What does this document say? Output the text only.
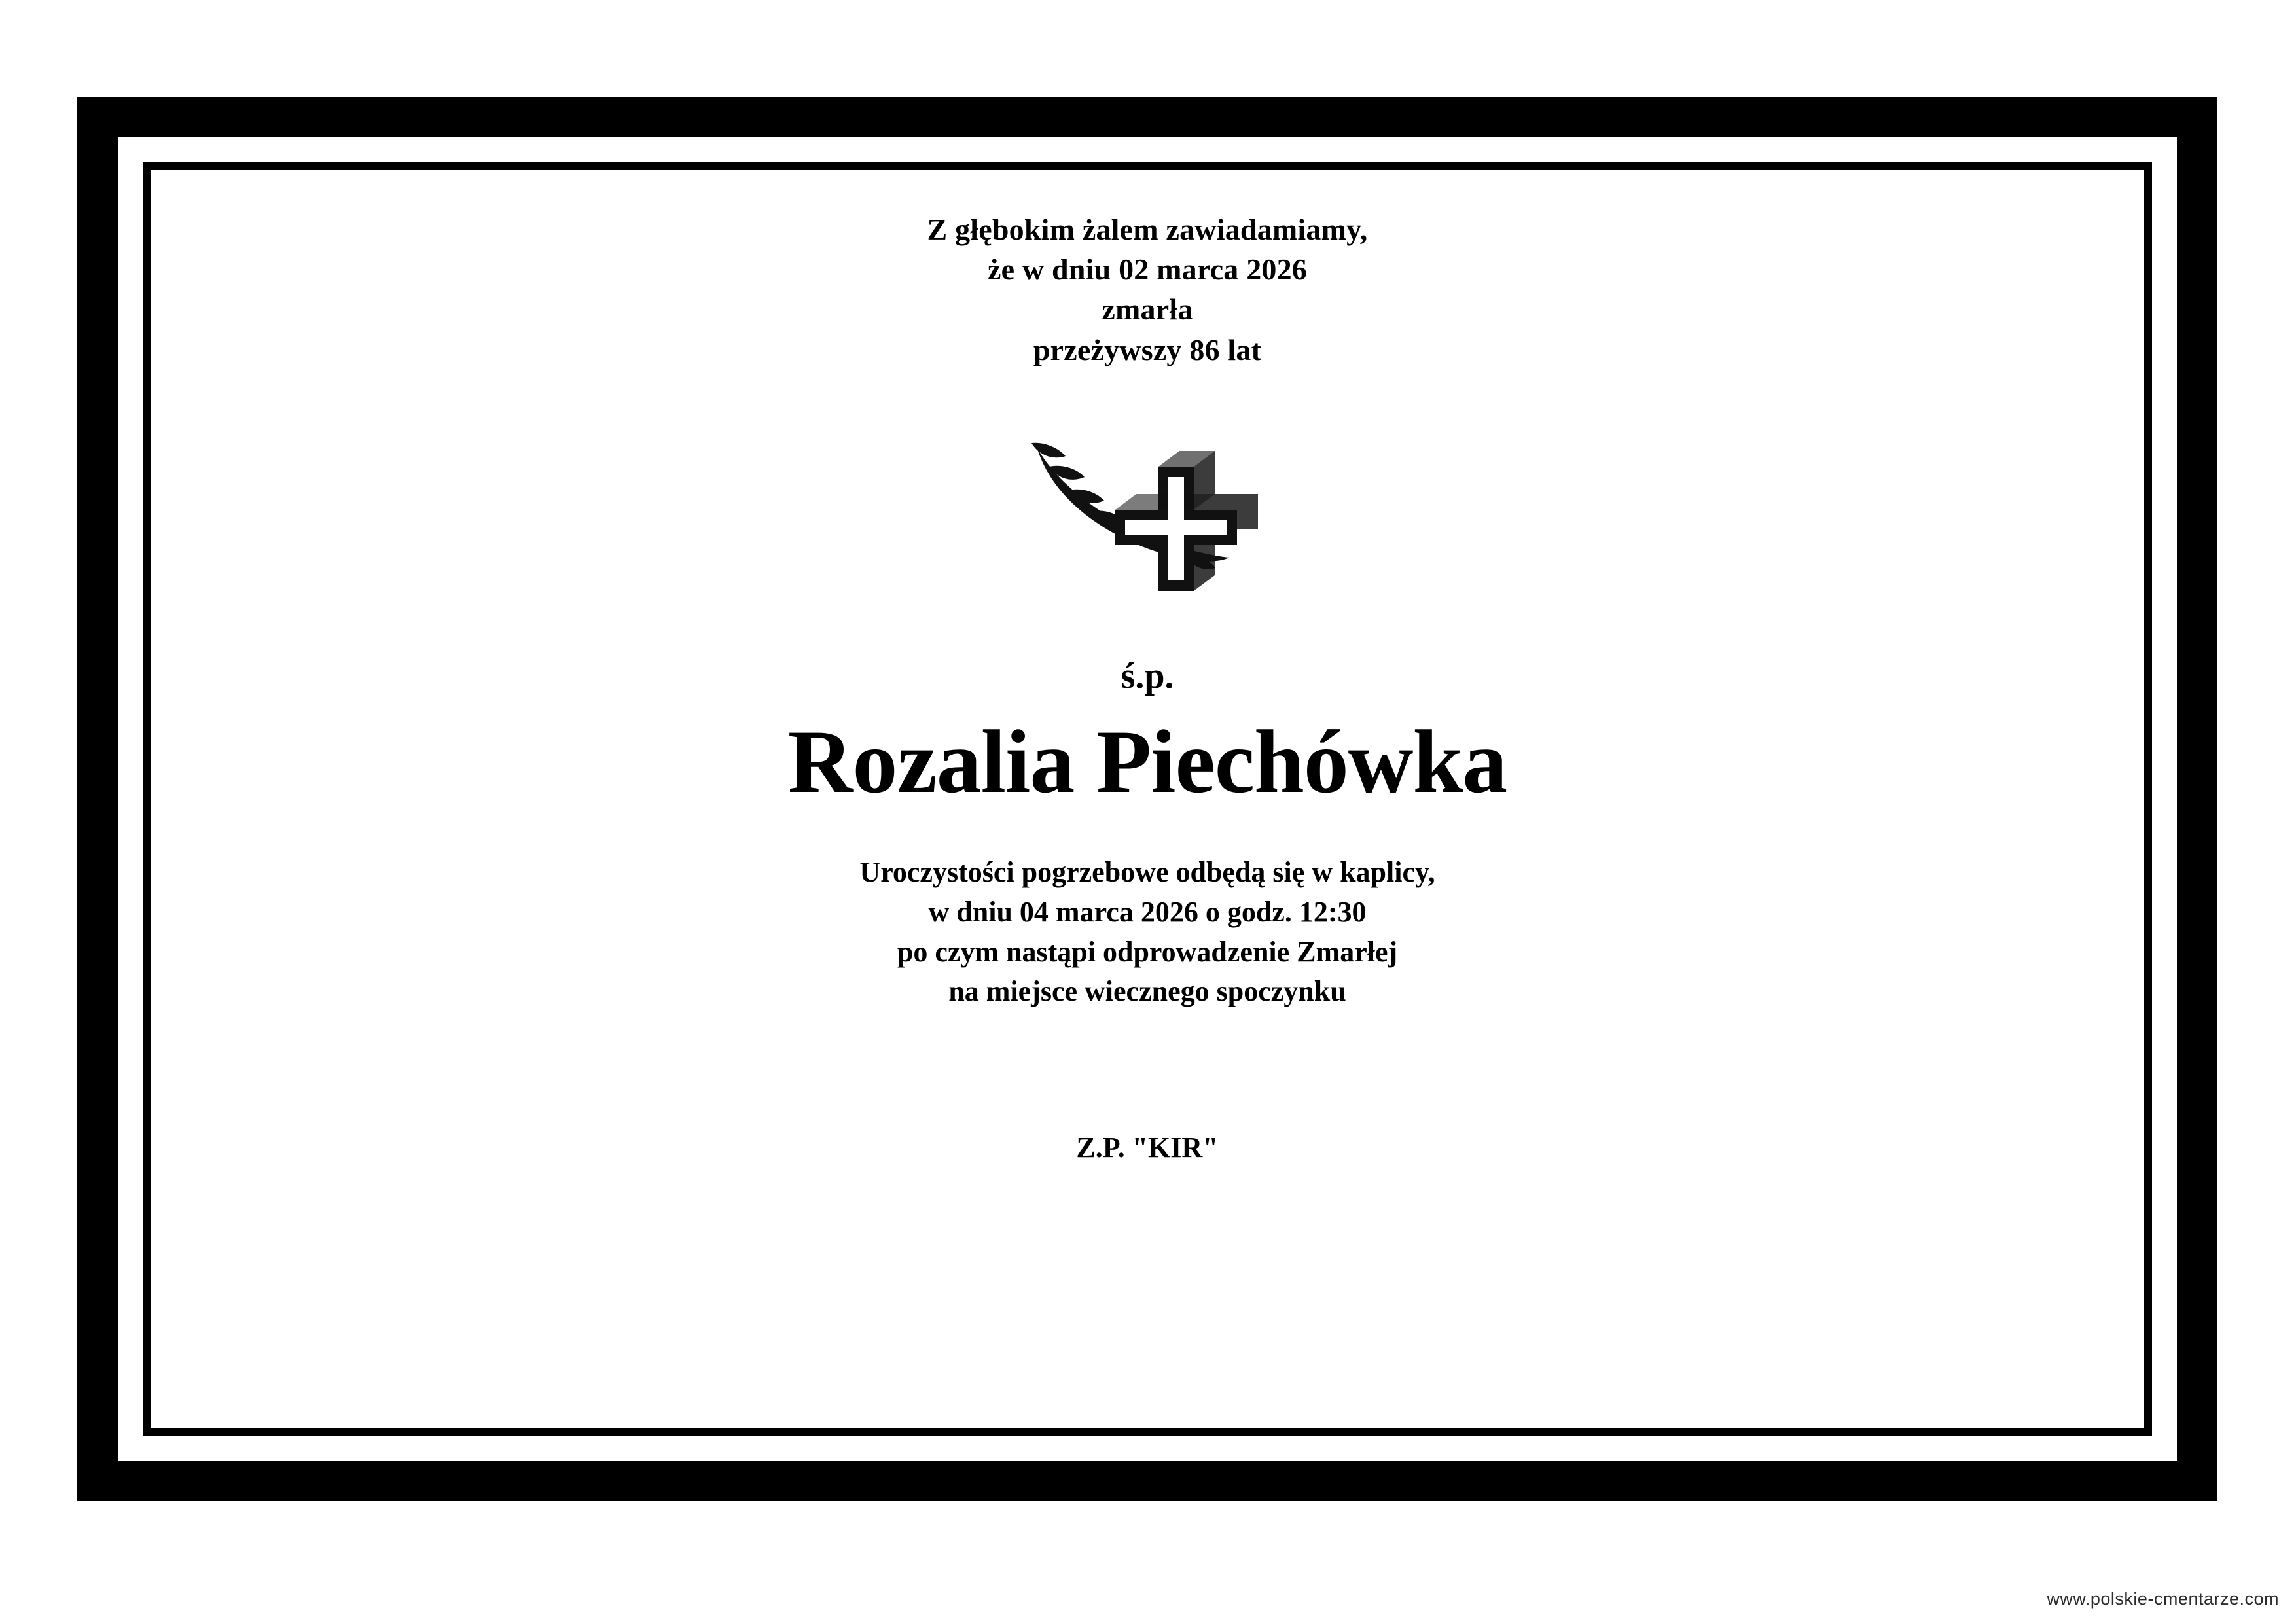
Z głębokim żalem zawiadamiamy,
że w dniu 02 marca 2026
zmarła
przeżywszy 86 lat
ś.p.
Rozalia Piechówka
Uroczystości pogrzebowe odbędą się w kaplicy,
w dniu 04 marca 2026 o godz. 12:30
po czym nastąpi odprowadzenie Zmarłej
na miejsce wiecznego spoczynku
Z.P. "KIR"
www.polskie-cmentarze.com
